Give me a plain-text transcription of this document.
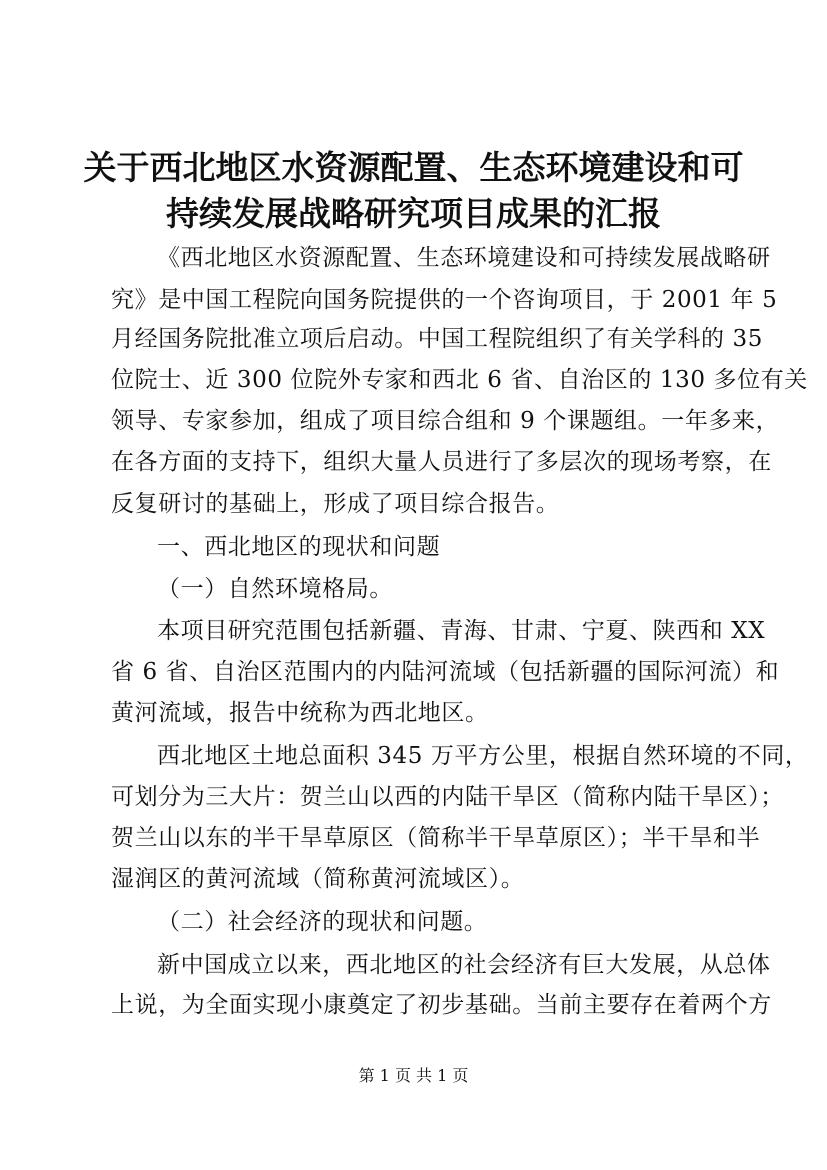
关于西北地区水资源配置、生态环境建设和可
持续发展战略研究项目成果的汇报
《西北地区水资源配置、生态环境建设和可持续发展战略研
究》是中国工程院向国务院提供的一个咨询项目，于 2001 年 5
月经国务院批准立项后启动。中国工程院组织了有关学科的 35
位院士、近 300 位院外专家和西北 6 省、自治区的 130 多位有关
领导、专家参加，组成了项目综合组和 9 个课题组。一年多来，
在各方面的支持下，组织大量人员进行了多层次的现场考察，在
反复研讨的基础上，形成了项目综合报告。
一、西北地区的现状和问题
（一）自然环境格局。
本项目研究范围包括新疆、青海、甘肃、宁夏、陕西和 XX
省 6 省、自治区范围内的内陆河流域（包括新疆的国际河流）和
黄河流域，报告中统称为西北地区。
西北地区土地总面积 345 万平方公里，根据自然环境的不同，
可划分为三大片：贺兰山以西的内陆干旱区（简称内陆干旱区）；
贺兰山以东的半干旱草原区（简称半干旱草原区）；半干旱和半
湿润区的黄河流域（简称黄河流域区）。
（二）社会经济的现状和问题。
新中国成立以来，西北地区的社会经济有巨大发展，从总体
上说，为全面实现小康奠定了初步基础。当前主要存在着两个方
第 1 页 共 1 页
